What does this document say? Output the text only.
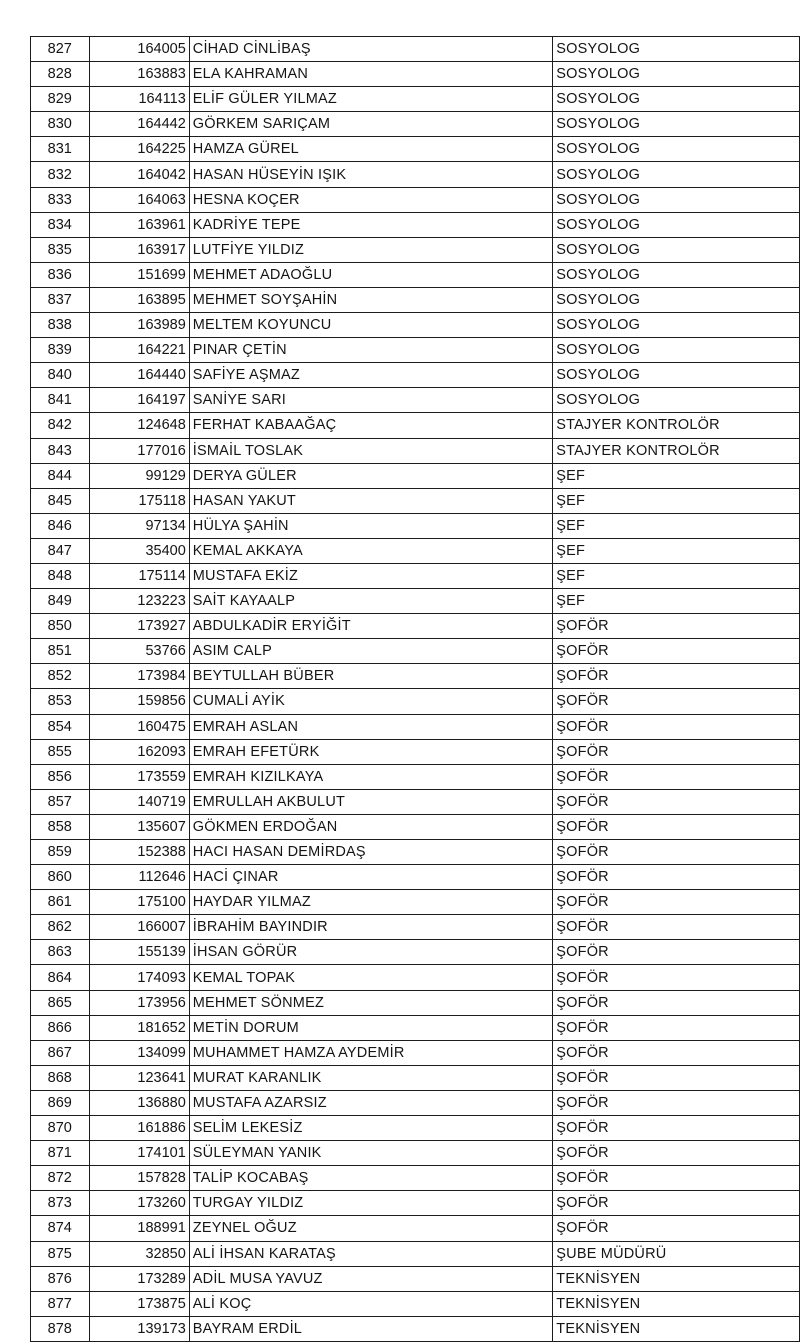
827	164005	CİHAD CİNLİBAŞ	SOSYOLOG
828	163883	ELA KAHRAMAN	SOSYOLOG
829	164113	ELİF GÜLER YILMAZ	SOSYOLOG
830	164442	GÖRKEM SARIÇAM	SOSYOLOG
831	164225	HAMZA GÜREL	SOSYOLOG
832	164042	HASAN HÜSEYİN IŞIK	SOSYOLOG
833	164063	HESNA KOÇER	SOSYOLOG
834	163961	KADRİYE TEPE	SOSYOLOG
835	163917	LUTFİYE YILDIZ	SOSYOLOG
836	151699	MEHMET ADAOĞLU	SOSYOLOG
837	163895	MEHMET SOYŞAHİN	SOSYOLOG
838	163989	MELTEM KOYUNCU	SOSYOLOG
839	164221	PINAR ÇETİN	SOSYOLOG
840	164440	SAFİYE AŞMAZ	SOSYOLOG
841	164197	SANİYE SARI	SOSYOLOG
842	124648	FERHAT KABAAĞAÇ	STAJYER KONTROLÖR
843	177016	İSMAİL TOSLAK	STAJYER KONTROLÖR
844	99129	DERYA GÜLER	ŞEF
845	175118	HASAN YAKUT	ŞEF
846	97134	HÜLYA ŞAHİN	ŞEF
847	35400	KEMAL AKKAYA	ŞEF
848	175114	MUSTAFA EKİZ	ŞEF
849	123223	SAİT KAYAALP	ŞEF
850	173927	ABDULKADİR ERYİĞİT	ŞOFÖR
851	53766	ASIM CALP	ŞOFÖR
852	173984	BEYTULLAH BÜBER	ŞOFÖR
853	159856	CUMALİ AYİK	ŞOFÖR
854	160475	EMRAH ASLAN	ŞOFÖR
855	162093	EMRAH EFETÜRK	ŞOFÖR
856	173559	EMRAH KIZILKAYA	ŞOFÖR
857	140719	EMRULLAH AKBULUT	ŞOFÖR
858	135607	GÖKMEN ERDOĞAN	ŞOFÖR
859	152388	HACI HASAN DEMİRDAŞ	ŞOFÖR
860	112646	HACİ ÇINAR	ŞOFÖR
861	175100	HAYDAR YILMAZ	ŞOFÖR
862	166007	İBRAHİM BAYINDIR	ŞOFÖR
863	155139	İHSAN GÖRÜR	ŞOFÖR
864	174093	KEMAL TOPAK	ŞOFÖR
865	173956	MEHMET SÖNMEZ	ŞOFÖR
866	181652	METİN DORUM	ŞOFÖR
867	134099	MUHAMMET HAMZA AYDEMİR	ŞOFÖR
868	123641	MURAT KARANLIK	ŞOFÖR
869	136880	MUSTAFA AZARSIZ	ŞOFÖR
870	161886	SELİM LEKESİZ	ŞOFÖR
871	174101	SÜLEYMAN YANIK	ŞOFÖR
872	157828	TALİP KOCABAŞ	ŞOFÖR
873	173260	TURGAY YILDIZ	ŞOFÖR
874	188991	ZEYNEL OĞUZ	ŞOFÖR
875	32850	ALİ İHSAN KARATAŞ	ŞUBE MÜDÜRÜ
876	173289	ADİL MUSA YAVUZ	TEKNİSYEN
877	173875	ALİ KOÇ	TEKNİSYEN
878	139173	BAYRAM ERDİL	TEKNİSYEN
